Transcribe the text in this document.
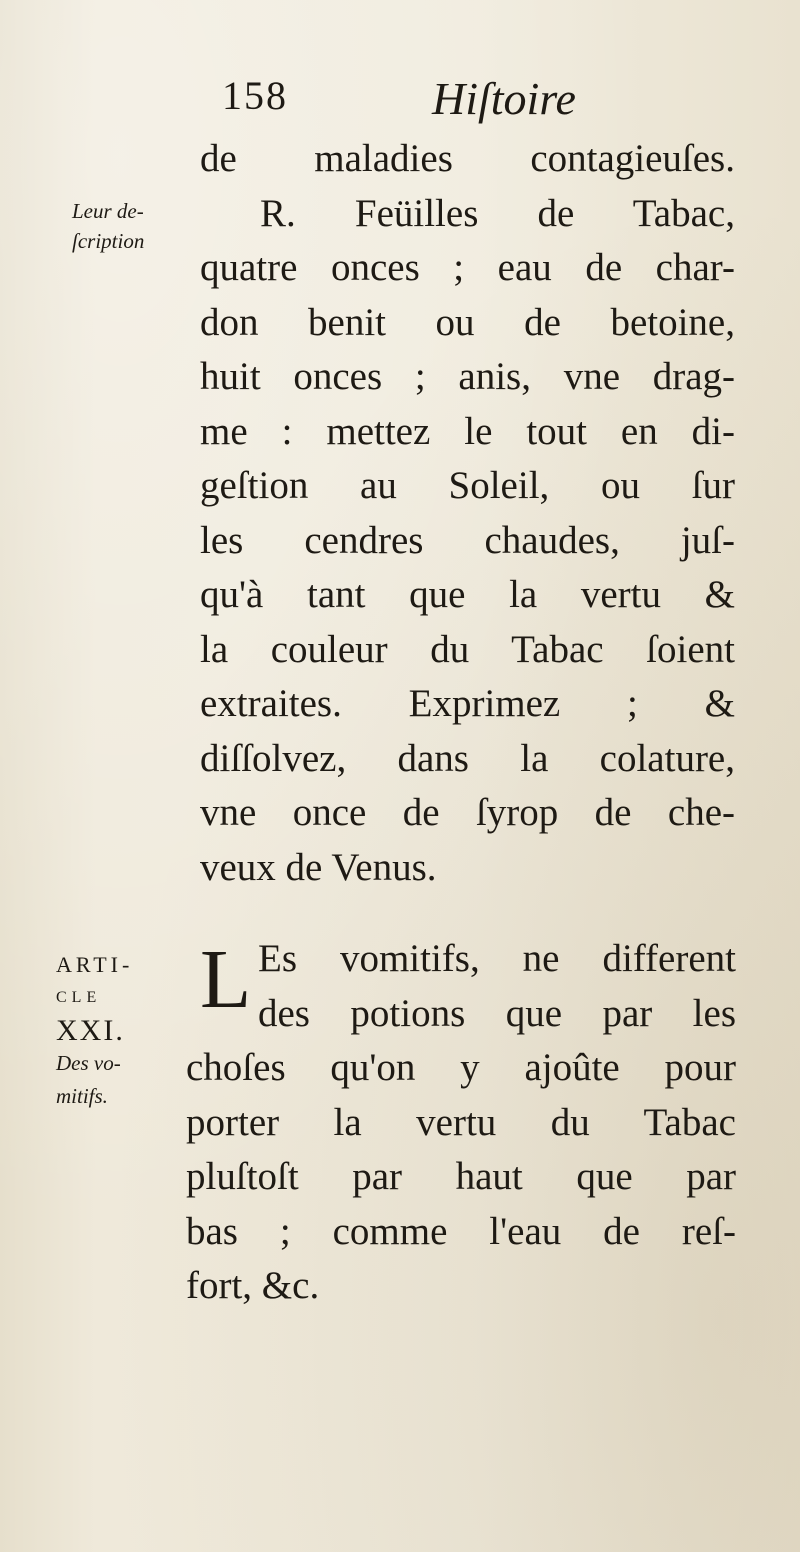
158	Hiſtoire
Leur de-
ſcription
de maladies contagieuſes.
R. Feüilles de Tabac,
quatre onces ; eau de char-
don benit ou de betoine,
huit onces ; anis, vne drag-
me : mettez le tout en di-
geſtion au Soleil, ou ſur
les cendres chaudes, juſ-
qu'à tant que la vertu &
la couleur du Tabac ſoient
extraites. Exprimez ; &
diſſolvez, dans la colature,
vne once de ſyrop de che-
veux de Venus.
ARTI-
CLE
XXI.
Des vo-
mitifs.
L Es vomitifs, ne different
des potions que par les
choſes qu'on y ajoûte pour
porter la vertu du Tabac
pluſtoſt par haut que par
bas ; comme l'eau de reſ-
fort, &c.
